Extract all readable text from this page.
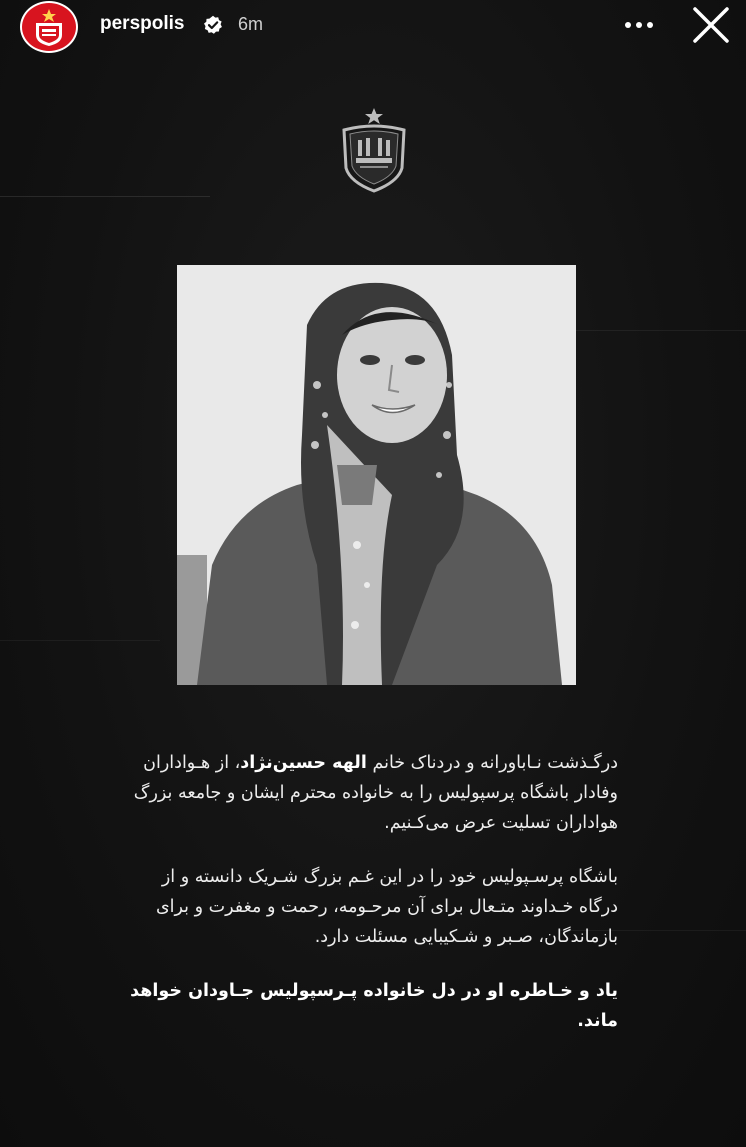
perspolis	6m

درگـذشت نـاباورانه و دردناک خانم الهه حسین‌نژاد، از هـواداران وفادار باشگاه پرسپولیس را به خانواده محترم ایشان و جامعه بزرگ هواداران تسلیت عرض می‌کـنیم.

باشگاه پرسـپولیس خود را در این غـم بزرگ شـریک دانسته و از درگاه خـداوند متـعال برای آن مرحـومه، رحمت و مغفرت و برای بازماندگان، صـبر و شـکیبایی مسئلت دارد.

یاد و خـاطره او در دل خانواده پـرسپولیس جـاودان خواهد ماند.
